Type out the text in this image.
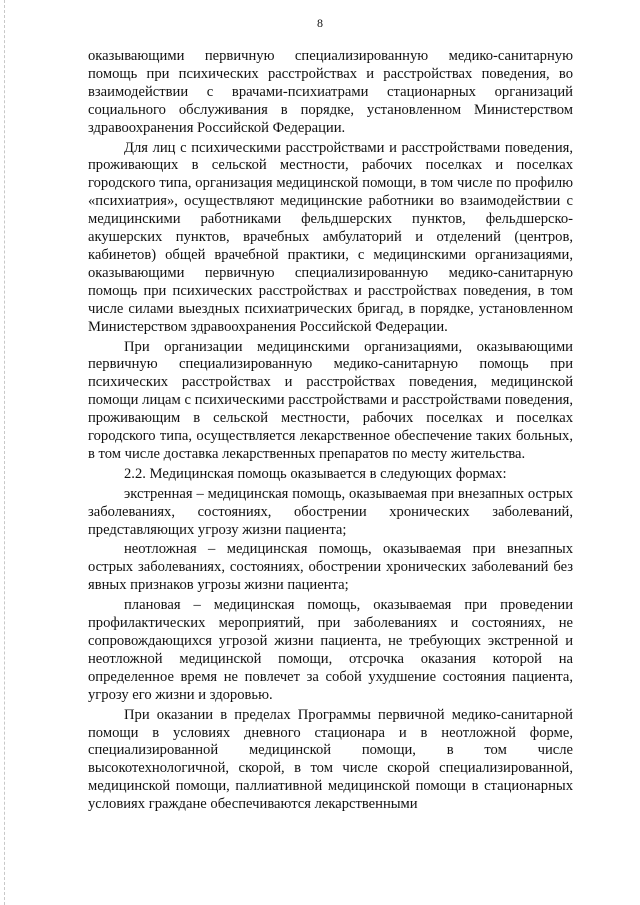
8

оказывающими первичную специализированную медико-санитарную помощь при психических расстройствах и расстройствах поведения, во взаимодействии с врачами-психиатрами стационарных организаций социального обслуживания в порядке, установленном Министерством здравоохранения Российской Федерации.

Для лиц с психическими расстройствами и расстройствами поведения, проживающих в сельской местности, рабочих поселках и поселках городского типа, организация медицинской помощи, в том числе по профилю «психиатрия», осуществляют медицинские работники во взаимодействии с медицинскими работниками фельдшерских пунктов, фельдшерско-акушерских пунктов, врачебных амбулаторий и отделений (центров, кабинетов) общей врачебной практики, с медицинскими организациями, оказывающими первичную специализированную медико-санитарную помощь при психических расстройствах и расстройствах поведения, в том числе силами выездных психиатрических бригад, в порядке, установленном Министерством здравоохранения Российской Федерации.

При организации медицинскими организациями, оказывающими первичную специализированную медико-санитарную помощь при психических расстройствах и расстройствах поведения, медицинской помощи лицам с психическими расстройствами и расстройствами поведения, проживающим в сельской местности, рабочих поселках и поселках городского типа, осуществляется лекарственное обеспечение таких больных, в том числе доставка лекарственных препаратов по месту жительства.

2.2. Медицинская помощь оказывается в следующих формах:

экстренная – медицинская помощь, оказываемая при внезапных острых заболеваниях, состояниях, обострении хронических заболеваний, представляющих угрозу жизни пациента;

неотложная – медицинская помощь, оказываемая при внезапных острых заболеваниях, состояниях, обострении хронических заболеваний без явных признаков угрозы жизни пациента;

плановая – медицинская помощь, оказываемая при проведении профилактических мероприятий, при заболеваниях и состояниях, не сопровождающихся угрозой жизни пациента, не требующих экстренной и неотложной медицинской помощи, отсрочка оказания которой на определенное время не повлечет за собой ухудшение состояния пациента, угрозу его жизни и здоровью.

При оказании в пределах Программы первичной медико-санитарной помощи в условиях дневного стационара и в неотложной форме, специализированной медицинской помощи, в том числе высокотехнологичной, скорой, в том числе скорой специализированной, медицинской помощи, паллиативной медицинской помощи в стационарных условиях граждане обеспечиваются лекарственными
